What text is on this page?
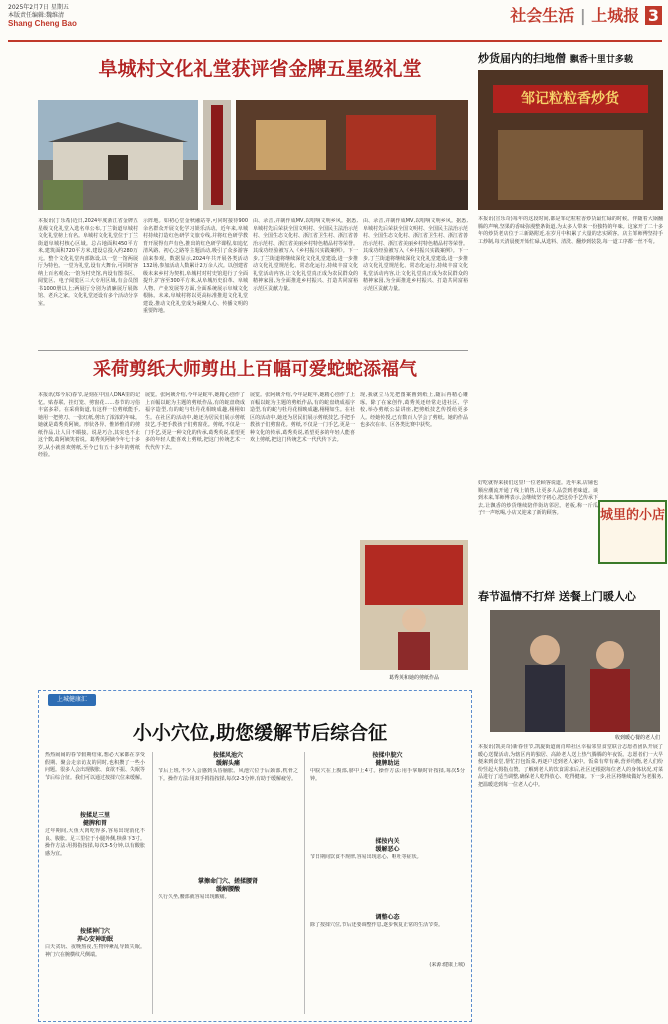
2025年2月7日 星期五
本版责任编辑:魏维清
Shang Cheng Bao	社会生活 | 上城报 3
阜城村文化礼堂获评省金牌五星级礼堂
本报讯(丁乐希)近日,2024年度浙江省金牌五星级文化礼堂入选名单公布,丁兰街道阜城村文化礼堂榜上有名。阜城村文化礼堂位于丁兰街道阜城村核心区域。总占地面积450平方米,建筑面积720平方米,建设总投入约280万元。整个文化礼堂内部陈设,以一堂一馆两展厅为特色。一堂为礼堂,设有大舞台,可同时容纳上百名观众;一馆为村史馆,内设有图书区、阅览区、电子阅览区三大专用区域,有会员图书1000册以上;两展厅分别为清廉展厅展陈馆、老兵之家。文化礼堂还设有多个活动分享室。
示阵地。如初心堂金秋融站等,可同时接待900余名群众开展文化学习娱乐活动。近年来,阜城村持续打造红色研学文旅专线,并将红色研学教育开展得有声有色,推出的红色研学课程,如追忆清风路、初心之路等主题活动,吸引了众多游客前来参观。数据显示,2024年共开展各类活动132场,参加活动人数累计2万余人次。以创建省级未来乡村为契机,阜城村对村史馆进行了全面提升,扩容至300平方米,从阜城历史沿革、阜城人物、产业发展等方面,全面系统展示阜城文化根脉。未来,阜城村将以更高标准推进文化礼堂建设,推动文化礼堂成为凝聚人心、传播文明的重要阵地。
由、录音,并制作成MV,以唱响文明乡风。据悉,阜城村先后荣获全国文明村、全国民主法治示范村、全国生态文化村、浙江省卫生村、浙江省善治示范村、浙江省美丽乡村特色精品村等荣誉。其成功经验被写入《乡村振兴实践案例》。下一步,丁兰街道将继续深化文化礼堂建设,进一步推动文化礼堂规范化、常态化运行,持续丰富文化礼堂活动内容,让文化礼堂真正成为农民群众的精神家园,为全面推进乡村振兴、打造共同富裕示范区贡献力量。
由、录音,并制作成MV,以唱响文明乡风。据悉,阜城村先后荣获全国文明村、全国民主法治示范村、全国生态文化村、浙江省卫生村、浙江省善治示范村、浙江省美丽乡村特色精品村等荣誉。其成功经验被写入《乡村振兴实践案例》。下一步,丁兰街道将继续深化文化礼堂建设,进一步推动文化礼堂规范化、常态化运行,持续丰富文化礼堂活动内容,让文化礼堂真正成为农民群众的精神家园,为全面推进乡村振兴、打造共同富裕示范区贡献力量。
采荷剪纸大师剪出上百幅可爱蛇蛇添福气
本报讯(郑今东)春节,是刻在中国人DNA里的记忆。贴春联、挂灯笼、剪窗花……春节的习俗丰富多彩。在采荷街道,有这样一位剪纸能手,她用一把剪刀、一张红纸,剪出了浓浓的年味。她就是葛秀英阿姨。形状各异、惟妙惟肖的剪纸作品,让人目不暇接。说是巧合,其实也不止这个数,葛阿姨笑着说。葛秀英阿姨今年七十多岁,从小就喜欢剪纸,至今已有五十多年的剪纸经验。
展览。张阿姨介绍,今年是蛇年,她精心创作了上百幅以蛇为主题的剪纸作品,有的蛇盘绕成福字造型,有的蛇与牡丹花相映成趣,栩栩如生。在社区的活动中,她还为居民们展示剪纸技艺,手把手教孩子们剪窗花。剪纸,不仅是一门手艺,更是一种文化的传承,葛秀英说,希望更多的年轻人能喜欢上剪纸,把这门传统艺术一代代传下去。
展览。张阿姨介绍,今年是蛇年,她精心创作了上百幅以蛇为主题的剪纸作品,有的蛇盘绕成福字造型,有的蛇与牡丹花相映成趣,栩栩如生。在社区的活动中,她还为居民们展示剪纸技艺,手把手教孩子们剪窗花。剪纸,不仅是一门手艺,更是一种文化的传承,葛秀英说,希望更多的年轻人能喜欢上剪纸,把这门传统艺术一代代传下去。
现,我就立马先把图案画到纸上,随后再精心雕琢。除了在家创作,葛秀英还经常走进社区、学校,举办剪纸公益讲座,把剪纸技艺传授给更多人。经她传授,已有数百人学会了剪纸。她的作品也多次在市、区各类比赛中获奖。
葛秀英和她的剪纸作品
炒货届内的扫地僧 飘香十里廿多载
邹记粒粒香炒货
本报讯(宣乐奇)每年的这段时间,都是邹记粒粒香炒货最忙碌的时候。伴随着大锅翻腾的声响,坚果的香味弥漫整条街道,为太多人带来一份独特的年味。这家开了二十多年的炒货老店位于三新路附近,在岁月中积累了大量的忠实顾客。店主邹师傅坚持手工炒制,每天清晨便开始忙碌,从选料、清洗、翻炒到装袋,每一道工序都一丝不苟。
好吃就得来我们这里!一位老顾客说道。近年来,店铺也顺应潮流开通了线上销售,让更多人品尝到老味道。谈到未来,邹师傅表示,会继续坚守初心,把这份手艺传承下去,让飘香的炒货继续陪伴街坊邻居。老板,称一斤瓜子!一声吆喝,小店又迎来了新的顾客。	城里的小店
春节温情不打烊 送餐上门暖人心
收到暖心餐的老人们
本报讯(凯美奇)新春佳节,凯旋街道南肖埠社区幸福邻里食堂联合志愿者团队开展了暖心送餐活动,为辖区内的独居、高龄老人送上热气腾腾的年夜饭。志愿者们一大早便来到食堂,帮忙打包饭菜,再逐户送到老人家中。饭菜有荤有素,营养均衡,老人们纷纷竖起大拇指点赞。了解到老人的饮食需求后,社区还根据每位老人的身体状况,对菜品进行了适当调整,确保老人吃得放心、吃得健康。下一步,社区将继续做好为老服务,把温暖送到每一位老人心中。
上城健康汇
小小穴位,助您缓解节后综合征
热热闹闹的春节假期结束,想必大家都在享受假期、聚会走亲访友的同时,也积攒了一些小问题。很多人会出现腹胀、食欲不振、失眠等节后综合征。我们可以通过按揉穴位来缓解。
按揉足三里
健脾和胃
过年期间,大鱼大肉吃得多,容易出现消化不良、腹胀。足三里位于小腿外侧,犊鼻下3寸。操作方法:用拇指按揉,每次3-5分钟,以有酸胀感为宜。
按揉神门穴
养心安神助眠
白天贪玩、夜晚熬夜,生物钟紊乱导致失眠。神门穴在腕横纹尺侧端。
按揉风池穴
缓解头痛
节后上班,不少人会感到头昏脑胀。风池穴位于后颈部,枕骨之下。操作方法:用双手拇指按揉,每次2-3分钟,有助于缓解疲劳。
掌擦命门穴、搓揉腰肾
缓解腰酸
久行久坐,腰部就容易出现酸痛。
按揉中脘穴
健脾助运
中脘穴在上腹部,脐中上4寸。操作方法:用手掌顺时针按揉,每次5分钟。
揉按内关
缓解恶心
节日期间饮食不规律,容易出现恶心、呕吐等症状。
调整心态
除了按揉穴位,节后还要调整作息,逐步恢复正常的生活节奏。
(来源:健康上城)
